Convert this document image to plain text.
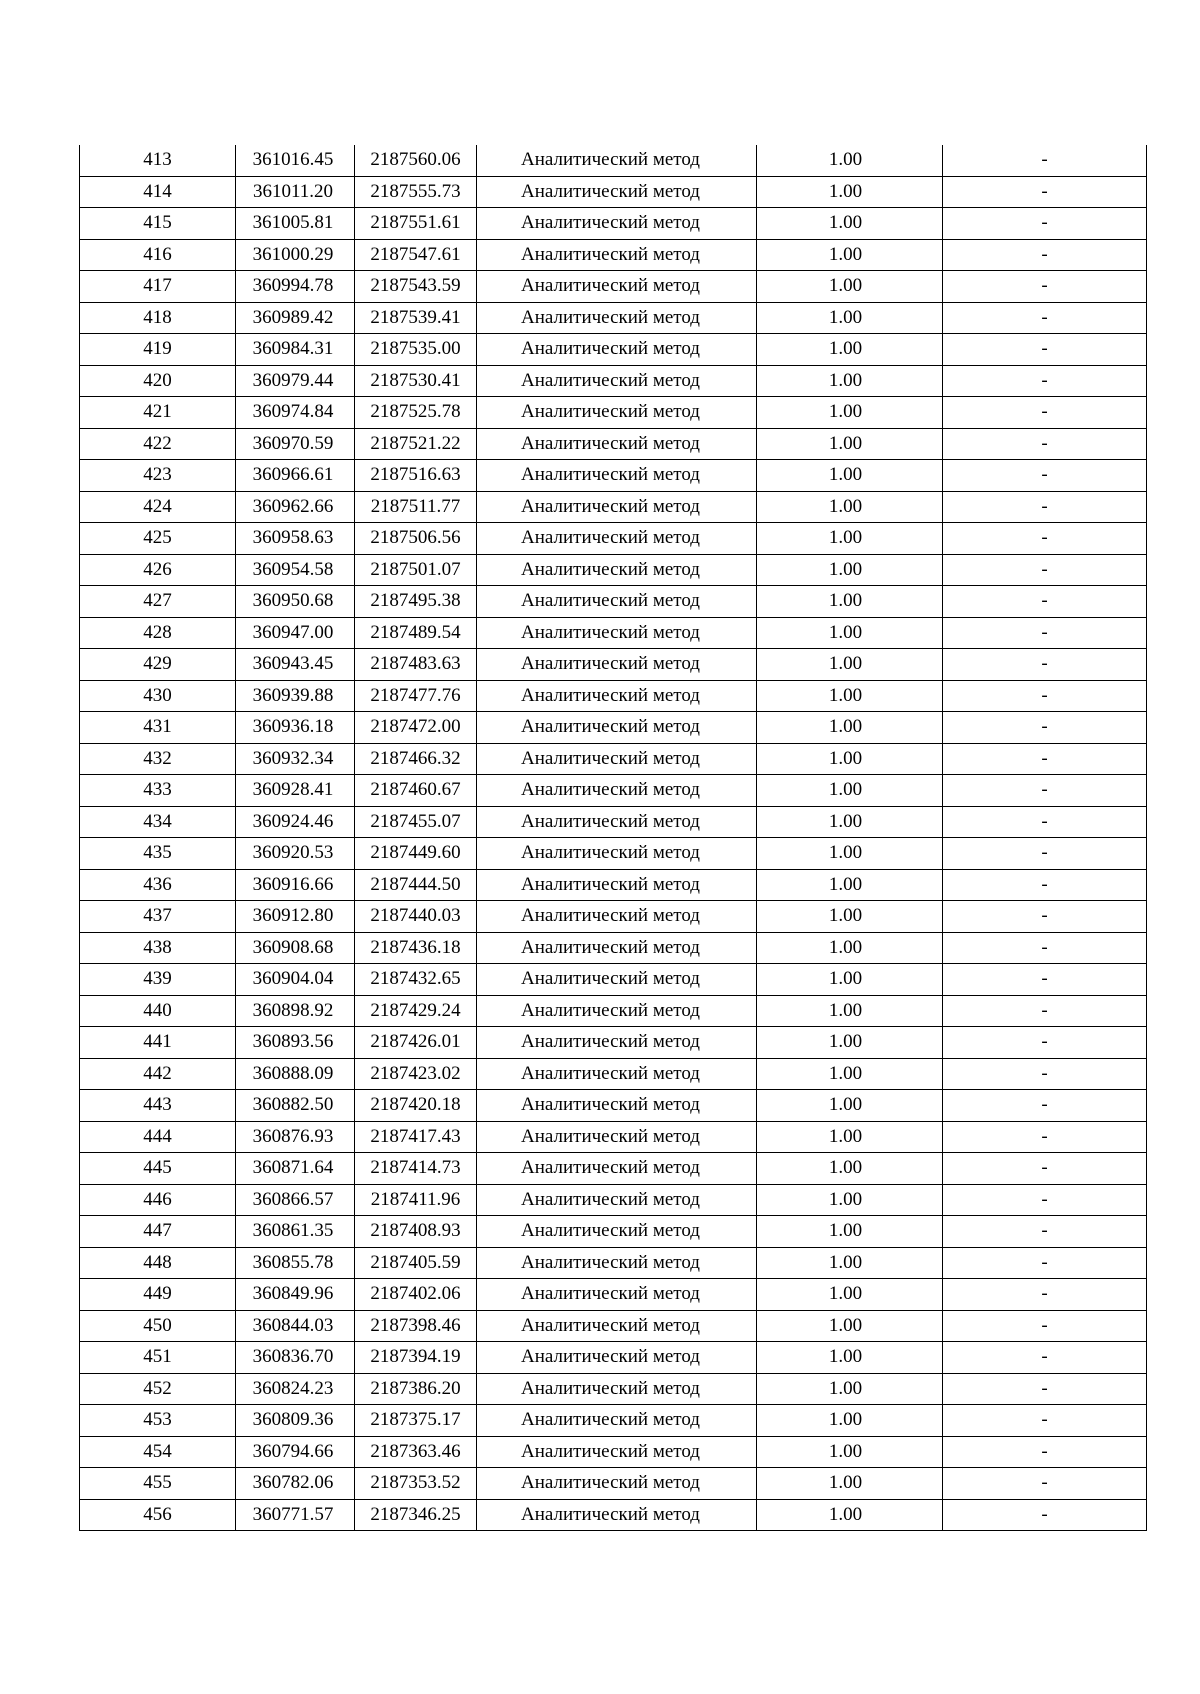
413	361016.45	2187560.06	Аналитический метод	1.00	-
414	361011.20	2187555.73	Аналитический метод	1.00	-
415	361005.81	2187551.61	Аналитический метод	1.00	-
416	361000.29	2187547.61	Аналитический метод	1.00	-
417	360994.78	2187543.59	Аналитический метод	1.00	-
418	360989.42	2187539.41	Аналитический метод	1.00	-
419	360984.31	2187535.00	Аналитический метод	1.00	-
420	360979.44	2187530.41	Аналитический метод	1.00	-
421	360974.84	2187525.78	Аналитический метод	1.00	-
422	360970.59	2187521.22	Аналитический метод	1.00	-
423	360966.61	2187516.63	Аналитический метод	1.00	-
424	360962.66	2187511.77	Аналитический метод	1.00	-
425	360958.63	2187506.56	Аналитический метод	1.00	-
426	360954.58	2187501.07	Аналитический метод	1.00	-
427	360950.68	2187495.38	Аналитический метод	1.00	-
428	360947.00	2187489.54	Аналитический метод	1.00	-
429	360943.45	2187483.63	Аналитический метод	1.00	-
430	360939.88	2187477.76	Аналитический метод	1.00	-
431	360936.18	2187472.00	Аналитический метод	1.00	-
432	360932.34	2187466.32	Аналитический метод	1.00	-
433	360928.41	2187460.67	Аналитический метод	1.00	-
434	360924.46	2187455.07	Аналитический метод	1.00	-
435	360920.53	2187449.60	Аналитический метод	1.00	-
436	360916.66	2187444.50	Аналитический метод	1.00	-
437	360912.80	2187440.03	Аналитический метод	1.00	-
438	360908.68	2187436.18	Аналитический метод	1.00	-
439	360904.04	2187432.65	Аналитический метод	1.00	-
440	360898.92	2187429.24	Аналитический метод	1.00	-
441	360893.56	2187426.01	Аналитический метод	1.00	-
442	360888.09	2187423.02	Аналитический метод	1.00	-
443	360882.50	2187420.18	Аналитический метод	1.00	-
444	360876.93	2187417.43	Аналитический метод	1.00	-
445	360871.64	2187414.73	Аналитический метод	1.00	-
446	360866.57	2187411.96	Аналитический метод	1.00	-
447	360861.35	2187408.93	Аналитический метод	1.00	-
448	360855.78	2187405.59	Аналитический метод	1.00	-
449	360849.96	2187402.06	Аналитический метод	1.00	-
450	360844.03	2187398.46	Аналитический метод	1.00	-
451	360836.70	2187394.19	Аналитический метод	1.00	-
452	360824.23	2187386.20	Аналитический метод	1.00	-
453	360809.36	2187375.17	Аналитический метод	1.00	-
454	360794.66	2187363.46	Аналитический метод	1.00	-
455	360782.06	2187353.52	Аналитический метод	1.00	-
456	360771.57	2187346.25	Аналитический метод	1.00	-
